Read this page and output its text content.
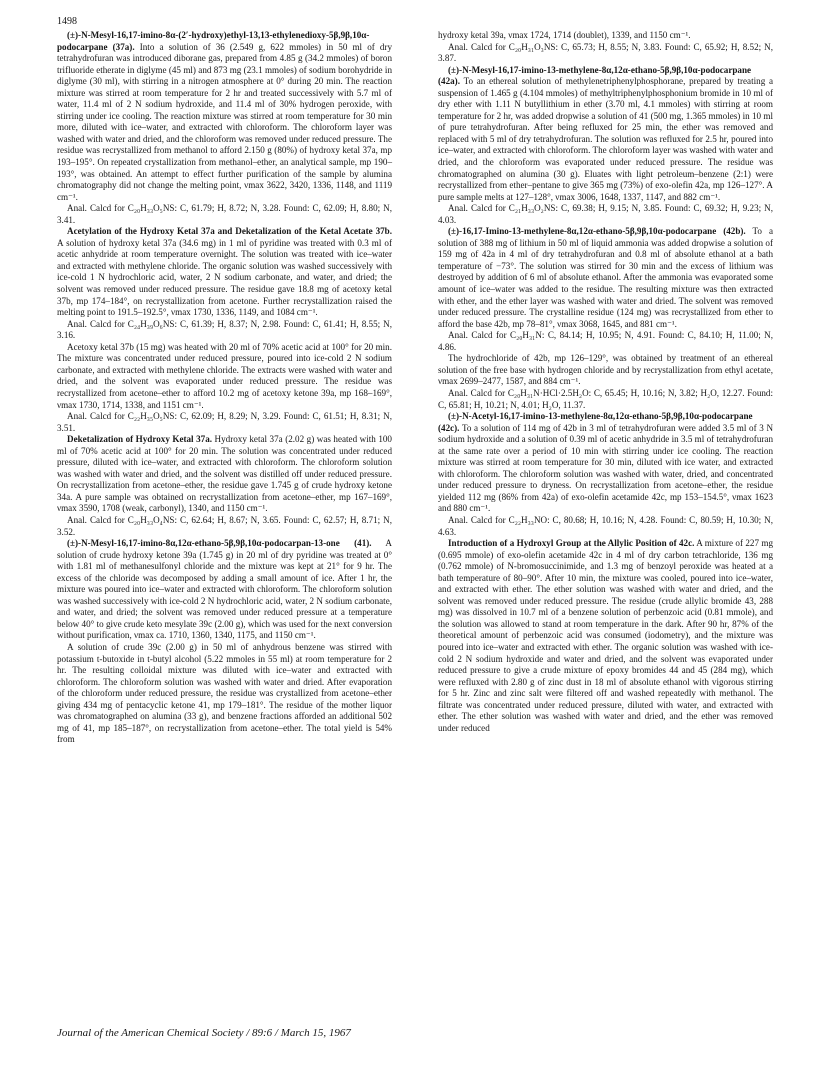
1498

(±)-N-Mesyl-16,17-imino-8α-(2′-hydroxy)ethyl-13,13-ethylenedioxy-5β,9β,10α-podocarpane (37a). Into a solution of 36 (2.549 g, 622 mmoles) in 50 ml of dry tetrahydrofuran was introduced diborane gas, prepared from 4.85 g (34.2 mmoles) of boron trifluoride etherate in diglyme (45 ml) and 873 mg (23.1 mmoles) of sodium borohydride in diglyme (30 ml), with stirring in a nitrogen atmosphere at 0° during 20 min. The reaction mixture was stirred at room temperature for 2 hr and treated successively with 5.7 ml of water, 11.4 ml of 2 N sodium hydroxide, and 11.4 ml of 30% hydrogen peroxide, with stirring under ice cooling. The reaction mixture was stirred at room temperature for 30 min more, diluted with ice–water, and extracted with chloroform. The chloroform layer was washed with water and dried, and the chloroform was removed under reduced pressure. The residue was recrystallized from methanol to afford 2.150 g (80%) of hydroxy ketal 37a, mp 193–195°. On repeated crystallization from methanol–ether, an analytical sample, mp 190–193°, was obtained. An attempt to effect further purification of the sample by alumina chromatography did not change the melting point, νmax 3622, 3420, 1336, 1148, and 1119 cm⁻¹.

Anal. Calcd for C₂₀H₃₃O₅NS: C, 61.79; H, 8.72; N, 3.28. Found: C, 62.09; H, 8.80; N, 3.41.

Acetylation of the Hydroxy Ketal 37a and Deketalization of the Ketal Acetate 37b. A solution of hydroxy ketal 37a (34.6 mg) in 1 ml of pyridine was treated with 0.3 ml of acetic anhydride at room temperature overnight. The solution was treated with ice–water and extracted with methylene chloride. The organic solution was washed successively with ice-cold 1 N hydrochloric acid, water, 2 N sodium carbonate, and water, and dried; the solvent was removed under reduced pressure. The residue gave 18.8 mg of acetoxy ketal 37b, mp 174–184°, on recrystallization from acetone. Further recrystallization raised the melting point to 191.5–192.5°, νmax 1730, 1336, 1149, and 1084 cm⁻¹.

Anal. Calcd for C₂₄H₃₉O₆NS: C, 61.39; H, 8.37; N, 2.98. Found: C, 61.41; H, 8.55; N, 3.16.

Acetoxy ketal 37b (15 mg) was heated with 20 ml of 70% acetic acid at 100° for 20 min. The mixture was concentrated under reduced pressure, poured into ice-cold 2 N sodium carbonate, and extracted with methylene chloride. The extracts were washed with water and dried, and the solvent was evaporated under reduced pressure. The residue was recrystallized from acetone–ether to afford 10.2 mg of acetoxy ketone 39a, mp 168–169°, νmax 1730, 1714, 1338, and 1151 cm⁻¹.

Anal. Calcd for C₂₂H₃₅O₅NS: C, 62.09; H, 8.29; N, 3.29. Found: C, 61.51; H, 8.31; N, 3.51.

Deketalization of Hydroxy Ketal 37a. Hydroxy ketal 37a (2.02 g) was heated with 100 ml of 70% acetic acid at 100° for 20 min. The solution was concentrated under reduced pressure, diluted with ice–water, and extracted with chloroform. The chloroform solution was washed with water and dried, and the solvent was distilled off under reduced pressure. On recrystallization from acetone–ether, the residue gave 1.745 g of crude hydroxy ketone 34a. A pure sample was obtained on recrystallization from acetone–ether, mp 167–169°, νmax 3590, 1708 (weak, carbonyl), 1340, and 1150 cm⁻¹.

Anal. Calcd for C₂₀H₃₃O₄NS: C, 62.64; H, 8.67; N, 3.65. Found: C, 62.57; H, 8.71; N, 3.52.

(±)-N-Mesyl-16,17-imino-8α,12α-ethano-5β,9β,10α-podocarpan-13-one (41). A solution of crude hydroxy ketone 39a (1.745 g) in 20 ml of dry pyridine was treated at 0° with 1.81 ml of methanesulfonyl chloride and the mixture was kept at 21° for 9 hr. The excess of the chloride was decomposed by adding a small amount of ice. After 1 hr, the mixture was poured into ice–water and extracted with chloroform. The chloroform solution was washed successively with ice-cold 2 N hydrochloric acid, water, 2 N sodium carbonate, and water, and dried; the solvent was removed under reduced pressure at a temperature below 40° to give crude keto mesylate 39c (2.00 g), which was used for the next conversion without purification, νmax ca. 1710, 1360, 1340, 1175, and 1150 cm⁻¹.

A solution of crude 39c (2.00 g) in 50 ml of anhydrous benzene was stirred with potassium t-butoxide in t-butyl alcohol (5.22 mmoles in 55 ml) at room temperature for 2 hr. The resulting colloidal mixture was diluted with ice–water and extracted with chloroform. The chloroform solution was washed with water and dried. After evaporation of the chloroform under reduced pressure, the residue was crystallized from acetone–ether giving 434 mg of pentacyclic ketone 41, mp 179–181°. The residue of the mother liquor was chromatographed on alumina (33 g), and benzene fractions afforded an additional 502 mg of 41, mp 185–187°, on recrystallization from acetone–ether. The total yield is 54% from

hydroxy ketal 39a, νmax 1724, 1714 (doublet), 1339, and 1150 cm⁻¹.

Anal. Calcd for C₂₀H₃₁O₃NS: C, 65.73; H, 8.55; N, 3.83. Found: C, 65.92; H, 8.52; N, 3.87.

(±)-N-Mesyl-16,17-imino-13-methylene-8α,12α-ethano-5β,9β,10α-podocarpane (42a). To an ethereal solution of methylenetriphenylphosphorane, prepared by treating a suspension of 1.465 g (4.104 mmoles) of methyltriphenylphosphonium bromide in 10 ml of dry ether with 1.11 N butyllithium in ether (3.70 ml, 4.1 mmoles) with stirring at room temperature for 2 hr, was added dropwise a solution of 41 (500 mg, 1.365 mmoles) in 10 ml of pure tetrahydrofuran. After being refluxed for 25 min, the ether was removed and replaced with 5 ml of dry tetrahydrofuran. The solution was refluxed for 2.5 hr, poured into ice–water, and extracted with chloroform. The chloroform layer was washed with water and dried, and the chloroform was evaporated under reduced pressure. The residue was chromatographed on alumina (30 g). Eluates with light petroleum–benzene (2:1) were recrystallized from ether–pentane to give 365 mg (73%) of exo-olefin 42a, mp 126–127°. A pure sample melts at 127–128°, νmax 3006, 1648, 1337, 1147, and 882 cm⁻¹.

Anal. Calcd for C₂₁H₃₃O₂NS: C, 69.38; H, 9.15; N, 3.85. Found: C, 69.32; H, 9.23; N, 4.03.

(±)-16,17-Imino-13-methylene-8α,12α-ethano-5β,9β,10α-podocarpane (42b). To a solution of 388 mg of lithium in 50 ml of liquid ammonia was added dropwise a solution of 159 mg of 42a in 4 ml of dry tetrahydrofuran and 0.8 ml of absolute ethanol at a bath temperature of −73°. The solution was stirred for 30 min and the excess of lithium was destroyed by addition of 6 ml of absolute ethanol. After the ammonia was evaporated some amount of ice–water was added to the residue. The resulting mixture was then extracted with ether, and the ether layer was washed with water and dried. The solvent was removed under reduced pressure. The crystalline residue (124 mg) was recrystallized from ether to afford the base 42b, mp 78–81°, νmax 3068, 1645, and 881 cm⁻¹.

Anal. Calcd for C₂₀H₃₁N: C, 84.14; H, 10.95; N, 4.91. Found: C, 84.10; H, 11.00; N, 4.86.

The hydrochloride of 42b, mp 126–129°, was obtained by treatment of an ethereal solution of the free base with hydrogen chloride and by recrystallization from ethyl acetate, νmax 2699–2477, 1587, and 884 cm⁻¹.

Anal. Calcd for C₂₀H₃₁N·HCl·2.5H₂O: C, 65.45; H, 10.16; N, 3.82; H₂O, 12.27. Found: C, 65.81; H, 10.21; N, 4.01; H₂O, 11.37.

(±)-N-Acetyl-16,17-imino-13-methylene-8α,12α-ethano-5β,9β,10α-podocarpane (42c). To a solution of 114 mg of 42b in 3 ml of tetrahydrofuran were added 3.5 ml of 3 N sodium hydroxide and a solution of 0.39 ml of acetic anhydride in 3.5 ml of tetrahydrofuran at the same rate over a period of 10 min with stirring under ice cooling. The reaction mixture was stirred at room temperature for 30 min, diluted with ice water, and extracted with chloroform. The chloroform solution was washed with water, dried, and concentrated under reduced pressure to dryness. On recrystallization from acetone–ether, the residue yielded 112 mg (86% from 42a) of exo-olefin acetamide 42c, mp 153–154.5°, νmax 1623 and 880 cm⁻¹.

Anal. Calcd for C₂₂H₃₃NO: C, 80.68; H, 10.16; N, 4.28. Found: C, 80.59; H, 10.30; N, 4.63.

Introduction of a Hydroxyl Group at the Allylic Position of 42c. A mixture of 227 mg (0.695 mmole) of exo-olefin acetamide 42c in 4 ml of dry carbon tetrachloride, 136 mg (0.762 mmole) of N-bromosuccinimide, and 1.3 mg of benzoyl peroxide was heated at a bath temperature of 80–90°. After 10 min, the mixture was cooled, poured into ice–water, and extracted with ether. The ether solution was washed with water and dried, and the solvent was removed under reduced pressure. The residue (crude allylic bromide 43, 288 mg) was dissolved in 10.7 ml of a benzene solution of perbenzoic acid (0.81 mmole), and the solution was allowed to stand at room temperature in the dark. After 90 hr, 87% of the theoretical amount of perbenzoic acid was consumed (iodometry), and the mixture was poured into ice–water and extracted with ether. The organic solution was washed with ice-cold 2 N sodium hydroxide and water and dried, and the solvent was evaporated under reduced pressure to give a crude mixture of epoxy bromides 44 and 45 (284 mg), which were refluxed with 2.80 g of zinc dust in 18 ml of absolute ethanol with vigorous stirring for 5 hr. Zinc and zinc salt were filtered off and washed repeatedly with methanol. The filtrate was concentrated under reduced pressure, diluted with water, and extracted with ether. The ether solution was washed with water and dried, and the ether was removed under reduced

Journal of the American Chemical Society / 89:6 / March 15, 1967
